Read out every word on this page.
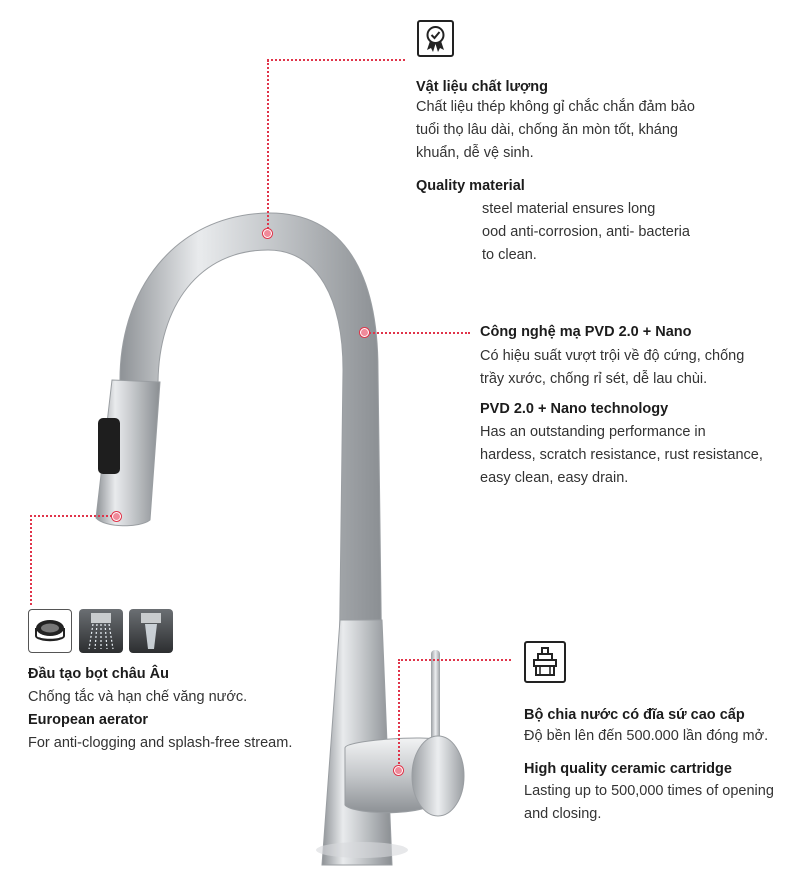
Vật liệu chất lượng
Chất liệu thép không gỉ chắc chắn đảm bảo
tuổi thọ lâu dài, chống ăn mòn tốt, kháng
khuẩn, dễ vệ sinh.
Quality material
steel material ensures long
ood anti-corrosion, anti- bacteria
to clean.
Công nghệ mạ PVD 2.0 + Nano
Có hiệu suất vượt trội về độ cứng, chống
trầy xước, chống rỉ sét, dễ lau chùi.
PVD 2.0 + Nano technology
Has an outstanding performance in
hardess, scratch resistance, rust resistance,
easy clean, easy drain.
Đầu tạo bọt châu Âu
Chống tắc và hạn chế văng nước.
European aerator
For anti-clogging and splash-free stream.
Bộ chia nước có đĩa sứ cao cấp
Độ bền lên đến 500.000 lần đóng mở.
High quality ceramic cartridge
Lasting up to 500,000 times of opening
and closing.
